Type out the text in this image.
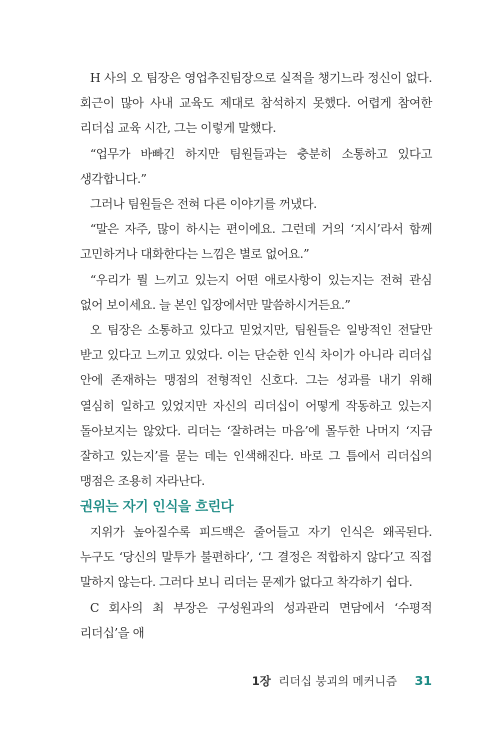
H 사의 오 팀장은 영업추진팀장으로 실적을 챙기느라 정신이 없다. 회근이 많아 사내 교육도 제대로 참석하지 못했다. 어렵게 참여한 리더십 교육 시간, 그는 이렇게 말했다.

“업무가 바빠긴 하지만 팀원들과는 충분히 소통하고 있다고 생각합니다.”

그러나 팀원들은 전혀 다른 이야기를 꺼냈다.

“말은 자주, 많이 하시는 편이에요. 그런데 거의 ‘지시’라서 함께 고민하거나 대화한다는 느낌은 별로 없어요.”

“우리가 뭘 느끼고 있는지 어떤 애로사항이 있는지는 전혀 관심 없어 보이세요. 늘 본인 입장에서만 말씀하시거든요.”

오 팀장은 소통하고 있다고 믿었지만, 팀원들은 일방적인 전달만 받고 있다고 느끼고 있었다. 이는 단순한 인식 차이가 아니라 리더십 안에 존재하는 맹점의 전형적인 신호다. 그는 성과를 내기 위해 열심히 일하고 있었지만 자신의 리더십이 어떻게 작동하고 있는지 돌아보지는 않았다. 리더는 ‘잘하려는 마음’에 몰두한 나머지 ‘지금 잘하고 있는지’를 묻는 데는 인색해진다. 바로 그 틈에서 리더십의 맹점은 조용히 자라난다.

권위는 자기 인식을 흐린다

지위가 높아질수록 피드백은 줄어들고 자기 인식은 왜곡된다. 누구도 ‘당신의 말투가 불편하다’, ‘그 결정은 적합하지 않다’고 직접 말하지 않는다. 그러다 보니 리더는 문제가 없다고 착각하기 쉽다.

C 회사의 최 부장은 구성원과의 성과관리 면담에서 ‘수평적 리더십’을 애

1장 리더십 붕괴의 메커니즘 31
